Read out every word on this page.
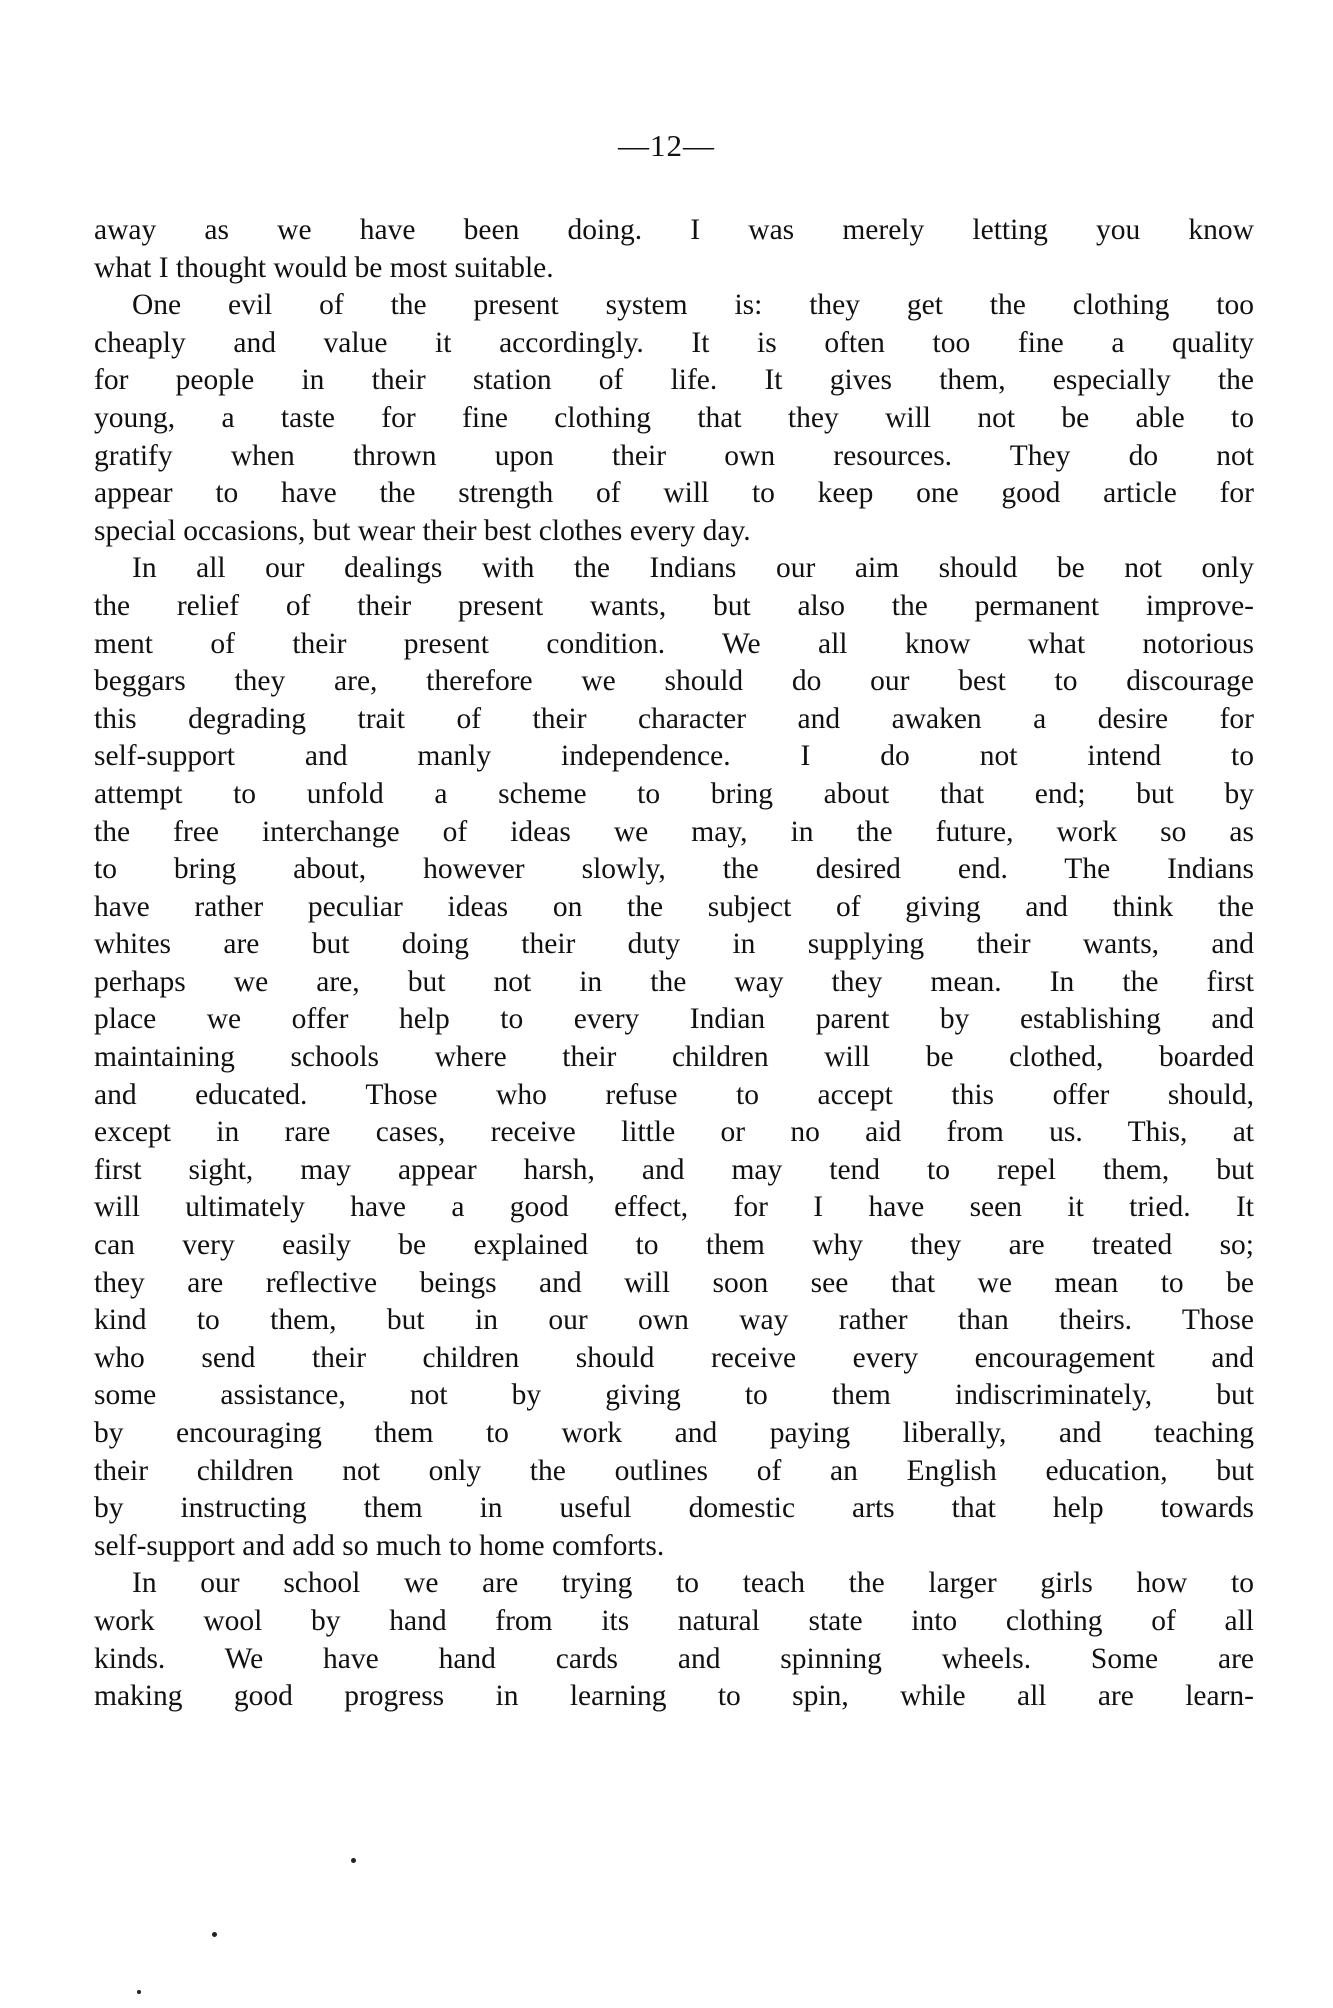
—12—
away as we have been doing. I was merely letting you know
what I thought would be most suitable.
One evil of the present system is: they get the clothing too
cheaply and value it accordingly. It is often too fine a quality
for people in their station of life. It gives them, especially the
young, a taste for fine clothing that they will not be able to
gratify when thrown upon their own resources. They do not
appear to have the strength of will to keep one good article for
special occasions, but wear their best clothes every day.
In all our dealings with the Indians our aim should be not only
the relief of their present wants, but also the permanent improve-
ment of their present condition. We all know what notorious
beggars they are, therefore we should do our best to discourage
this degrading trait of their character and awaken a desire for
self-support and manly independence. I do not intend to
attempt to unfold a scheme to bring about that end; but by
the free interchange of ideas we may, in the future, work so as
to bring about, however slowly, the desired end. The Indians
have rather peculiar ideas on the subject of giving and think the
whites are but doing their duty in supplying their wants, and
perhaps we are, but not in the way they mean. In the first
place we offer help to every Indian parent by establishing and
maintaining schools where their children will be clothed, boarded
and educated. Those who refuse to accept this offer should,
except in rare cases, receive little or no aid from us. This, at
first sight, may appear harsh, and may tend to repel them, but
will ultimately have a good effect, for I have seen it tried. It
can very easily be explained to them why they are treated so;
they are reflective beings and will soon see that we mean to be
kind to them, but in our own way rather than theirs. Those
who send their children should receive every encouragement and
some assistance, not by giving to them indiscriminately, but
by encouraging them to work and paying liberally, and teaching
their children not only the outlines of an English education, but
by instructing them in useful domestic arts that help towards
self-support and add so much to home comforts.
In our school we are trying to teach the larger girls how to
work wool by hand from its natural state into clothing of all
kinds. We have hand cards and spinning wheels. Some are
making good progress in learning to spin, while all are learn-
